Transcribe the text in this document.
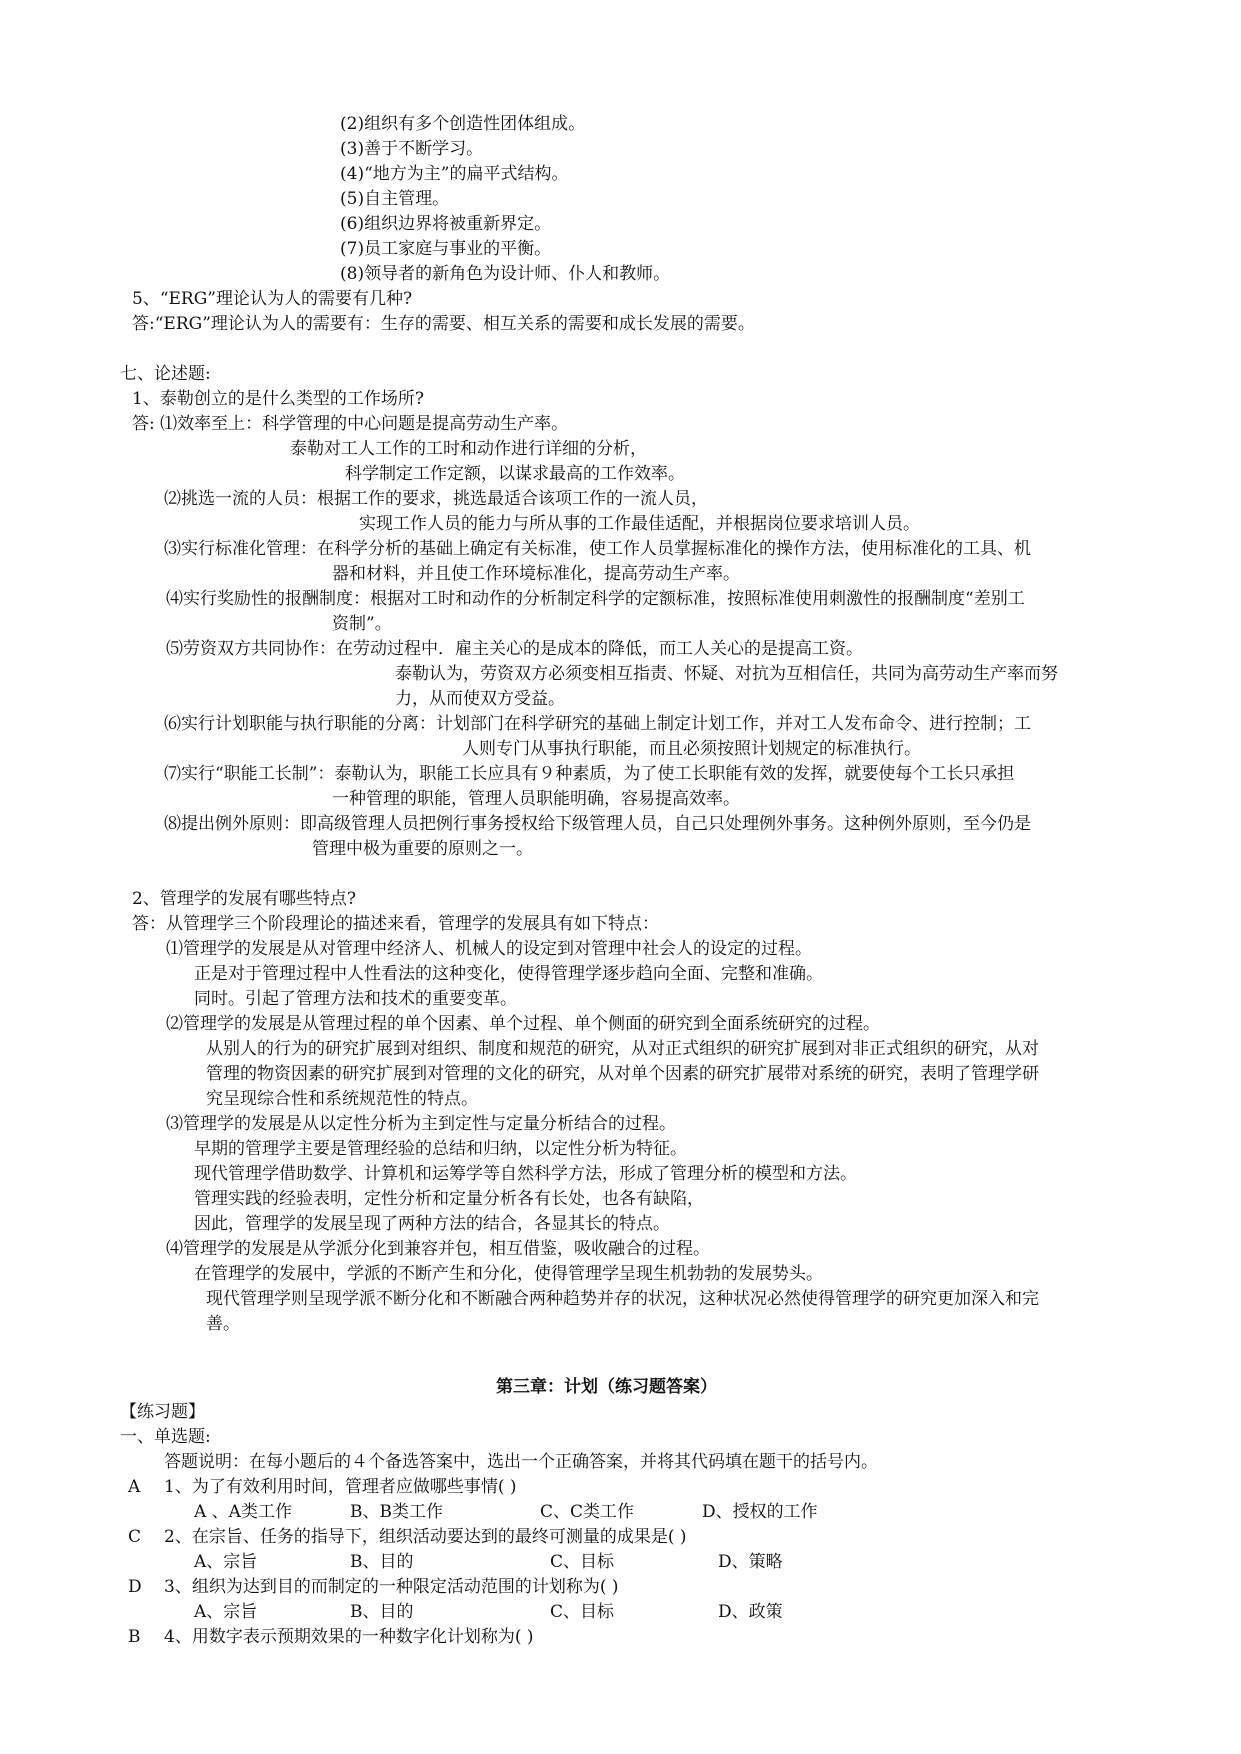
(2)组织有多个创造性团体组成。
(3)善于不断学习。
(4)“地方为主”的扁平式结构。
(5)自主管理。
(6)组织边界将被重新界定。
(7)员工家庭与事业的平衡。
(8)领导者的新角色为设计师、仆人和教师。
5、“ERG”理论认为人的需要有几种?
答:“ERG”理论认为人的需要有：生存的需要、相互关系的需要和成长发展的需要。
七、论述题:
1、泰勒创立的是什么类型的工作场所?
答: ⑴效率至上：科学管理的中心问题是提高劳动生产率。
泰勒对工人工作的工时和动作进行详细的分析，
科学制定工作定额，以谋求最高的工作效率。
⑵挑选一流的人员：根据工作的要求，挑选最适合该项工作的一流人员，
实现工作人员的能力与所从事的工作最佳适配，并根据岗位要求培训人员。
⑶实行标准化管理：在科学分析的基础上确定有关标准，使工作人员掌握标准化的操作方法，使用标准化的工具、机
器和材料，并且使工作环境标准化，提高劳动生产率。
⑷实行奖励性的报酬制度：根据对工时和动作的分析制定科学的定额标准，按照标准使用刺激性的报酬制度“差别工
资制”。
⑸劳资双方共同协作：在劳动过程中．雇主关心的是成本的降低，而工人关心的是提高工资。
泰勒认为，劳资双方必须变相互指责、怀疑、对抗为互相信任，共同为高劳动生产率而努
力，从而使双方受益。
⑹实行计划职能与执行职能的分离：计划部门在科学研究的基础上制定计划工作，并对工人发布命令、进行控制；工
人则专门从事执行职能，而且必须按照计划规定的标准执行。
⑺实行“职能工长制”：泰勒认为，职能工长应具有９种素质，为了使工长职能有效的发挥，就要使每个工长只承担
一种管理的职能，管理人员职能明确，容易提高效率。
⑻提出例外原则：即高级管理人员把例行事务授权给下级管理人员，自己只处理例外事务。这种例外原则，至今仍是
管理中极为重要的原则之一。
2、管理学的发展有哪些特点?
答：从管理学三个阶段理论的描述来看，管理学的发展具有如下特点：
⑴管理学的发展是从对管理中经济人、机械人的设定到对管理中社会人的设定的过程。
正是对于管理过程中人性看法的这种变化，使得管理学逐步趋向全面、完整和准确。
同时。引起了管理方法和技术的重要变革。
⑵管理学的发展是从管理过程的单个因素、单个过程、单个侧面的研究到全面系统研究的过程。
从别人的行为的研究扩展到对组织、制度和规范的研究，从对正式组织的研究扩展到对非正式组织的研究，从对
管理的物资因素的研究扩展到对管理的文化的研究，从对单个因素的研究扩展带对系统的研究，表明了管理学研
究呈现综合性和系统规范性的特点。
⑶管理学的发展是从以定性分析为主到定性与定量分析结合的过程。
早期的管理学主要是管理经验的总结和归纳，以定性分析为特征。
现代管理学借助数学、计算机和运筹学等自然科学方法，形成了管理分析的模型和方法。
管理实践的经验表明，定性分析和定量分析各有长处，也各有缺陷，
因此，管理学的发展呈现了两种方法的结合，各显其长的特点。
⑷管理学的发展是从学派分化到兼容并包，相互借鉴，吸收融合的过程。
在管理学的发展中，学派的不断产生和分化，使得管理学呈现生机勃勃的发展势头。
现代管理学则呈现学派不断分化和不断融合两种趋势并存的状况，这种状况必然使得管理学的研究更加深入和完
善。
第三章：计划（练习题答案）
【练习题】
一、单选题:
答题说明：在每小题后的４个备选答案中，选出一个正确答案，并将其代码填在题干的括号内。
A 1、为了有效利用时间，管理者应做哪些事情( )
A 、A类工作	B、B类工作	C、C类工作	D、授权的工作
C 2、在宗旨、任务的指导下，组织活动要达到的最终可测量的成果是( )
A、宗旨	B、目的	C、目标	D、策略
D 3、组织为达到目的而制定的一种限定活动范围的计划称为( )
A、宗旨	B、目的	C、目标	D、政策
B 4、用数字表示预期效果的一种数字化计划称为( )
